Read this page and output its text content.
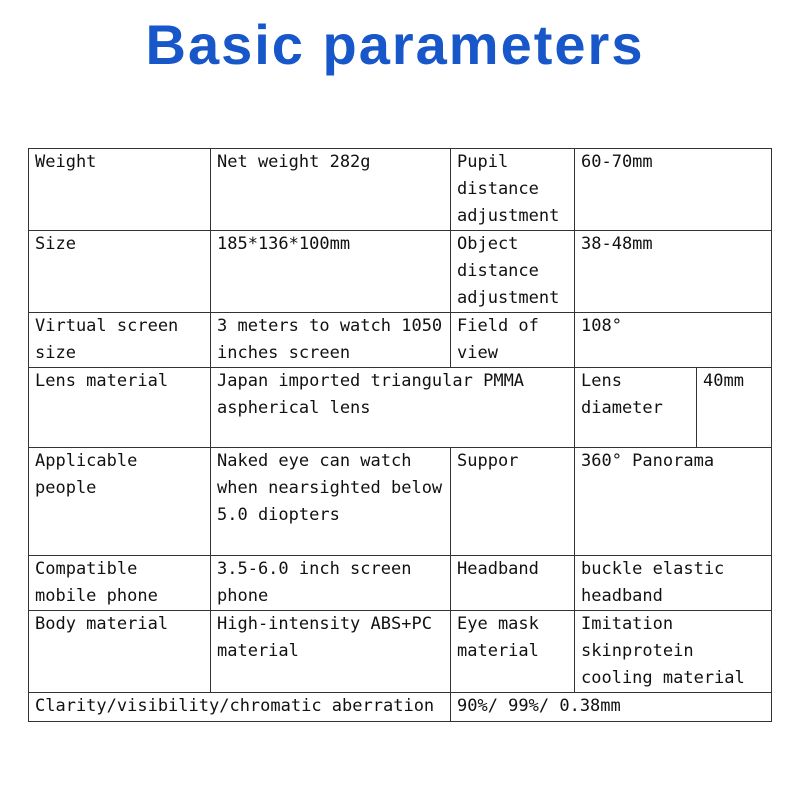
Basic parameters
Weight	Net weight 282g	Pupil distance adjustment	60-70mm	
Size	185*136*100mm	Object distance adjustment	38-48mm	
Virtual screen size	3 meters to watch 1050 inches screen	Field of view	108°	
Lens material	Japan imported triangular PMMA aspherical lens		Lens diameter	40mm
Applicable people	Naked eye can watch when nearsighted below 5.0 diopters	Suppor	360° Panorama	
Compatible mobile phone	3.5-6.0 inch screen phone	Headband	buckle elastic headband	
Body material	High-intensity ABS+PC material	Eye mask material	Imitation skinprotein cooling material	
Clarity/visibility/chromatic aberration		90%/ 99%/ 0.38mm		
